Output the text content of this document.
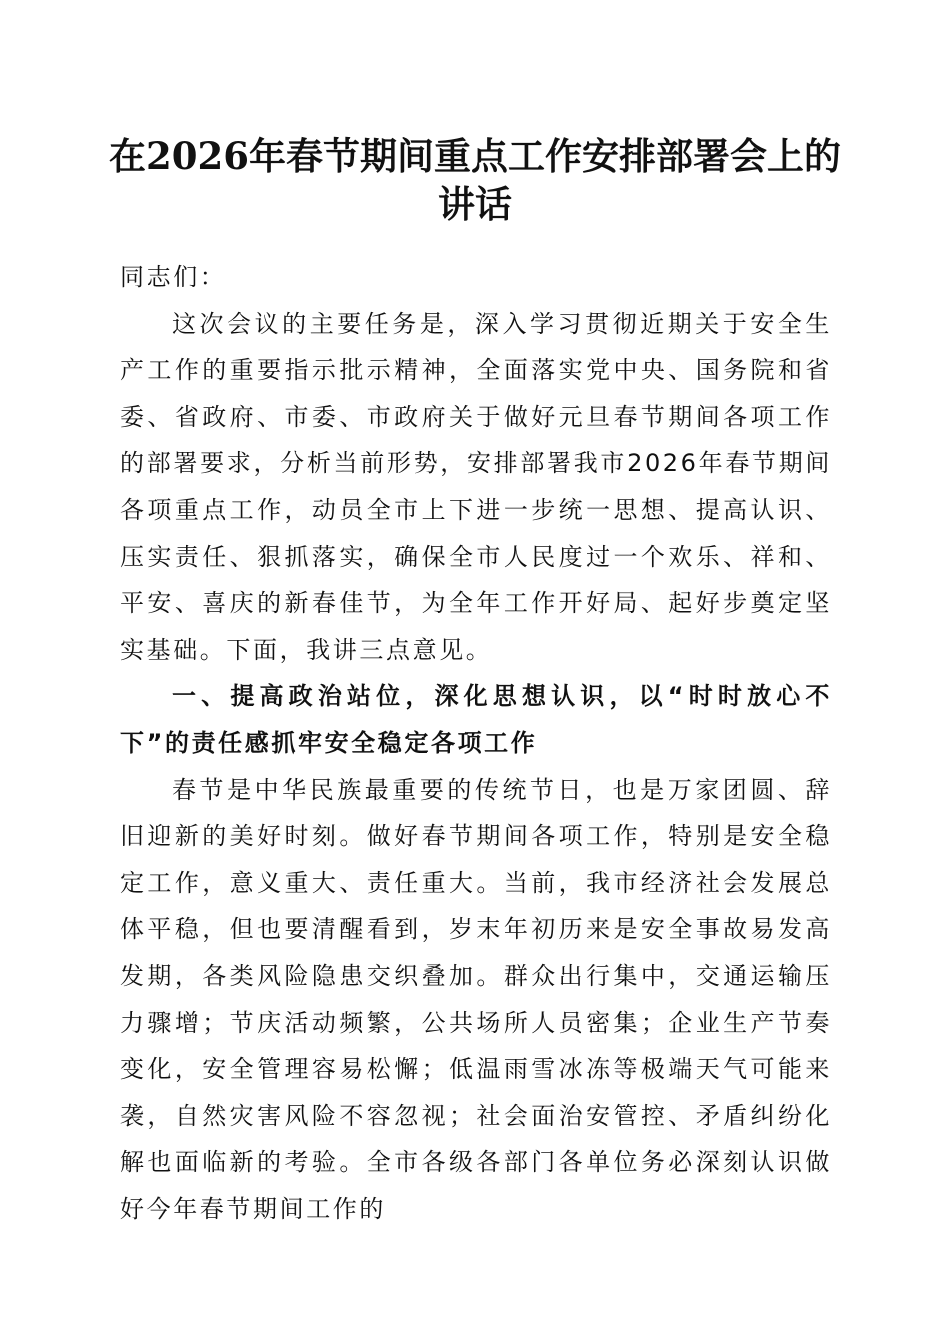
在2026年春节期间重点工作安排部署会上的
讲话

同志们：

这次会议的主要任务是，深入学习贯彻近期关于安全生产工作的重要指示批示精神，全面落实党中央、国务院和省委、省政府、市委、市政府关于做好元旦春节期间各项工作的部署要求，分析当前形势，安排部署我市2026年春节期间各项重点工作，动员全市上下进一步统一思想、提高认识、压实责任、狠抓落实，确保全市人民度过一个欢乐、祥和、平安、喜庆的新春佳节，为全年工作开好局、起好步奠定坚实基础。下面，我讲三点意见。

一、提高政治站位，深化思想认识，以“时时放心不下”的责任感抓牢安全稳定各项工作

春节是中华民族最重要的传统节日，也是万家团圆、辞旧迎新的美好时刻。做好春节期间各项工作，特别是安全稳定工作，意义重大、责任重大。当前，我市经济社会发展总体平稳，但也要清醒看到，岁末年初历来是安全事故易发高发期，各类风险隐患交织叠加。群众出行集中，交通运输压力骤增；节庆活动频繁，公共场所人员密集；企业生产节奏变化，安全管理容易松懈；低温雨雪冰冻等极端天气可能来袭，自然灾害风险不容忽视；社会面治安管控、矛盾纠纷化解也面临新的考验。全市各级各部门各单位务必深刻认识做好今年春节期间工作的
